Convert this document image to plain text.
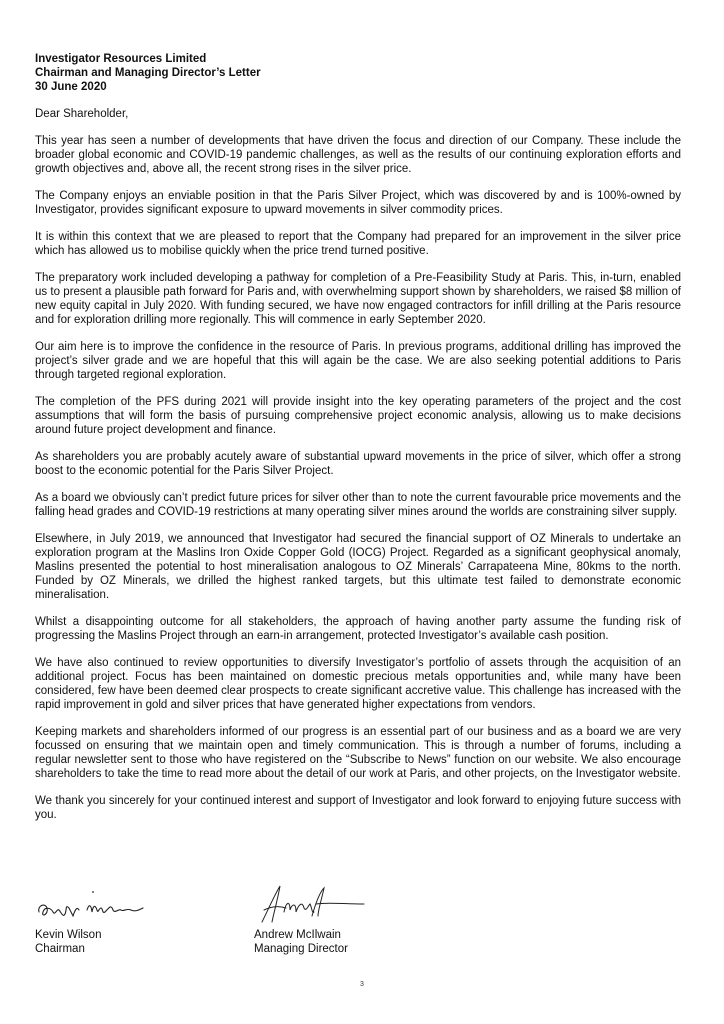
Investigator Resources Limited
Chairman and Managing Director’s Letter
30 June 2020
Dear Shareholder,
This year has seen a number of developments that have driven the focus and direction of our Company. These include the broader global economic and COVID-19 pandemic challenges, as well as the results of our continuing exploration efforts and growth objectives and, above all, the recent strong rises in the silver price.
The Company enjoys an enviable position in that the Paris Silver Project, which was discovered by and is 100%-owned by Investigator, provides significant exposure to upward movements in silver commodity prices.
It is within this context that we are pleased to report that the Company had prepared for an improvement in the silver price which has allowed us to mobilise quickly when the price trend turned positive.
The preparatory work included developing a pathway for completion of a Pre-Feasibility Study at Paris. This, in-turn, enabled us to present a plausible path forward for Paris and, with overwhelming support shown by shareholders, we raised $8 million of new equity capital in July 2020. With funding secured, we have now engaged contractors for infill drilling at the Paris resource and for exploration drilling more regionally. This will commence in early September 2020.
Our aim here is to improve the confidence in the resource of Paris. In previous programs, additional drilling has improved the project’s silver grade and we are hopeful that this will again be the case. We are also seeking potential additions to Paris through targeted regional exploration.
The completion of the PFS during 2021 will provide insight into the key operating parameters of the project and the cost assumptions that will form the basis of pursuing comprehensive project economic analysis, allowing us to make decisions around future project development and finance.
As shareholders you are probably acutely aware of substantial upward movements in the price of silver, which offer a strong boost to the economic potential for the Paris Silver Project.
As a board we obviously can’t predict future prices for silver other than to note the current favourable price movements and the falling head grades and COVID-19 restrictions at many operating silver mines around the worlds are constraining silver supply.
Elsewhere, in July 2019, we announced that Investigator had secured the financial support of OZ Minerals to undertake an exploration program at the Maslins Iron Oxide Copper Gold (IOCG) Project. Regarded as a significant geophysical anomaly, Maslins presented the potential to host mineralisation analogous to OZ Minerals’ Carrapateena Mine, 80kms to the north. Funded by OZ Minerals, we drilled the highest ranked targets, but this ultimate test failed to demonstrate economic mineralisation.
Whilst a disappointing outcome for all stakeholders, the approach of having another party assume the funding risk of progressing the Maslins Project through an earn-in arrangement, protected Investigator’s available cash position.
We have also continued to review opportunities to diversify Investigator’s portfolio of assets through the acquisition of an additional project. Focus has been maintained on domestic precious metals opportunities and, while many have been considered, few have been deemed clear prospects to create significant accretive value. This challenge has increased with the rapid improvement in gold and silver prices that have generated higher expectations from vendors.
Keeping markets and shareholders informed of our progress is an essential part of our business and as a board we are very focussed on ensuring that we maintain open and timely communication. This is through a number of forums, including a regular newsletter sent to those who have registered on the “Subscribe to News” function on our website. We also encourage shareholders to take the time to read more about the detail of our work at Paris, and other projects, on the Investigator website.
We thank you sincerely for your continued interest and support of Investigator and look forward to enjoying future success with you.
Kevin Wilson
Chairman
Andrew McIlwain
Managing Director
3
